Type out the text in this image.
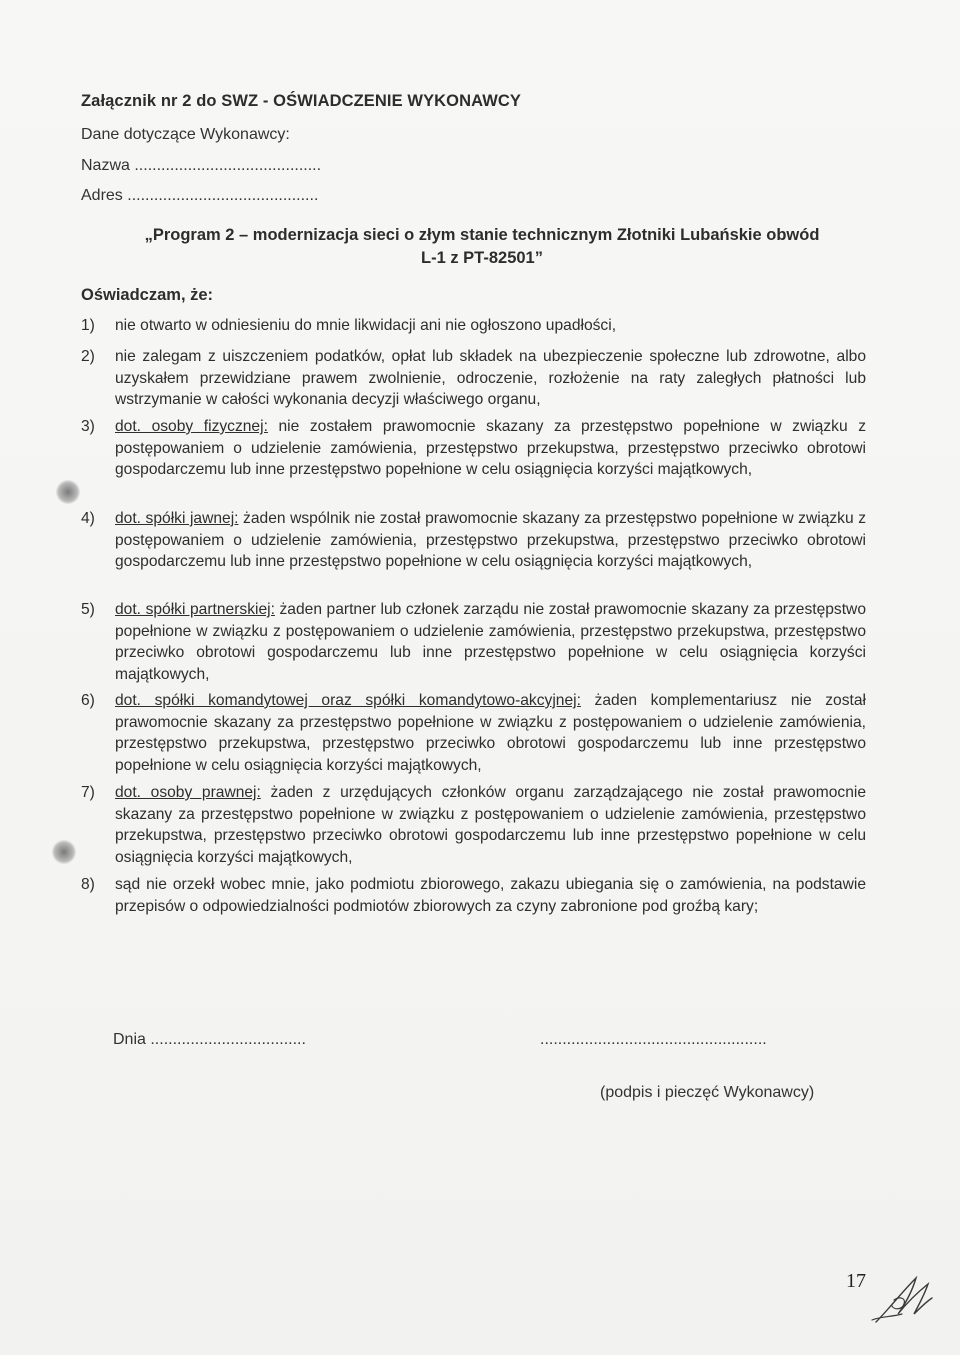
Załącznik nr 2 do SWZ - OŚWIADCZENIE WYKONAWCY
Dane dotyczące Wykonawcy:
Nazwa ..........................................
Adres ...........................................
„Program 2 – modernizacja sieci o złym stanie technicznym Złotniki Lubańskie obwód
L-1 z PT-82501”
Oświadczam, że:
1)	nie otwarto w odniesieniu do mnie likwidacji ani nie ogłoszono upadłości,
2)	nie zalegam z uiszczeniem podatków, opłat lub składek na ubezpieczenie społeczne lub zdrowotne, albo uzyskałem przewidziane prawem zwolnienie, odroczenie, rozłożenie na raty zaległych płatności lub wstrzymanie w całości wykonania decyzji właściwego organu,
3)	dot. osoby fizycznej: nie zostałem prawomocnie skazany za przestępstwo popełnione w związku z postępowaniem o udzielenie zamówienia, przestępstwo przekupstwa, przestępstwo przeciwko obrotowi gospodarczemu lub inne przestępstwo popełnione w celu osiągnięcia korzyści majątkowych,
4)	dot. spółki jawnej: żaden wspólnik nie został prawomocnie skazany za przestępstwo popełnione w związku z postępowaniem o udzielenie zamówienia, przestępstwo przekupstwa, przestępstwo przeciwko obrotowi gospodarczemu lub inne przestępstwo popełnione w celu osiągnięcia korzyści majątkowych,
5)	dot. spółki partnerskiej: żaden partner lub członek zarządu nie został prawomocnie skazany za przestępstwo popełnione w związku z postępowaniem o udzielenie zamówienia, przestępstwo przekupstwa, przestępstwo przeciwko obrotowi gospodarczemu lub inne przestępstwo popełnione w celu osiągnięcia korzyści majątkowych,
6)	dot. spółki komandytowej oraz spółki komandytowo-akcyjnej: żaden komplementariusz nie został prawomocnie skazany za przestępstwo popełnione w związku z postępowaniem o udzielenie zamówienia, przestępstwo przekupstwa, przestępstwo przeciwko obrotowi gospodarczemu lub inne przestępstwo popełnione w celu osiągnięcia korzyści majątkowych,
7)	dot. osoby prawnej: żaden z urzędujących członków organu zarządzającego nie został prawomocnie skazany za przestępstwo popełnione w związku z postępowaniem o udzielenie zamówienia, przestępstwo przekupstwa, przestępstwo przeciwko obrotowi gospodarczemu lub inne przestępstwo popełnione w celu osiągnięcia korzyści majątkowych,
8)	sąd nie orzekł wobec mnie, jako podmiotu zbiorowego, zakazu ubiegania się o zamówienia, na podstawie przepisów o odpowiedzialności podmiotów zbiorowych za czyny zabronione pod groźbą kary;
Dnia ...................................	...................................................
(podpis i pieczęć Wykonawcy)
17
